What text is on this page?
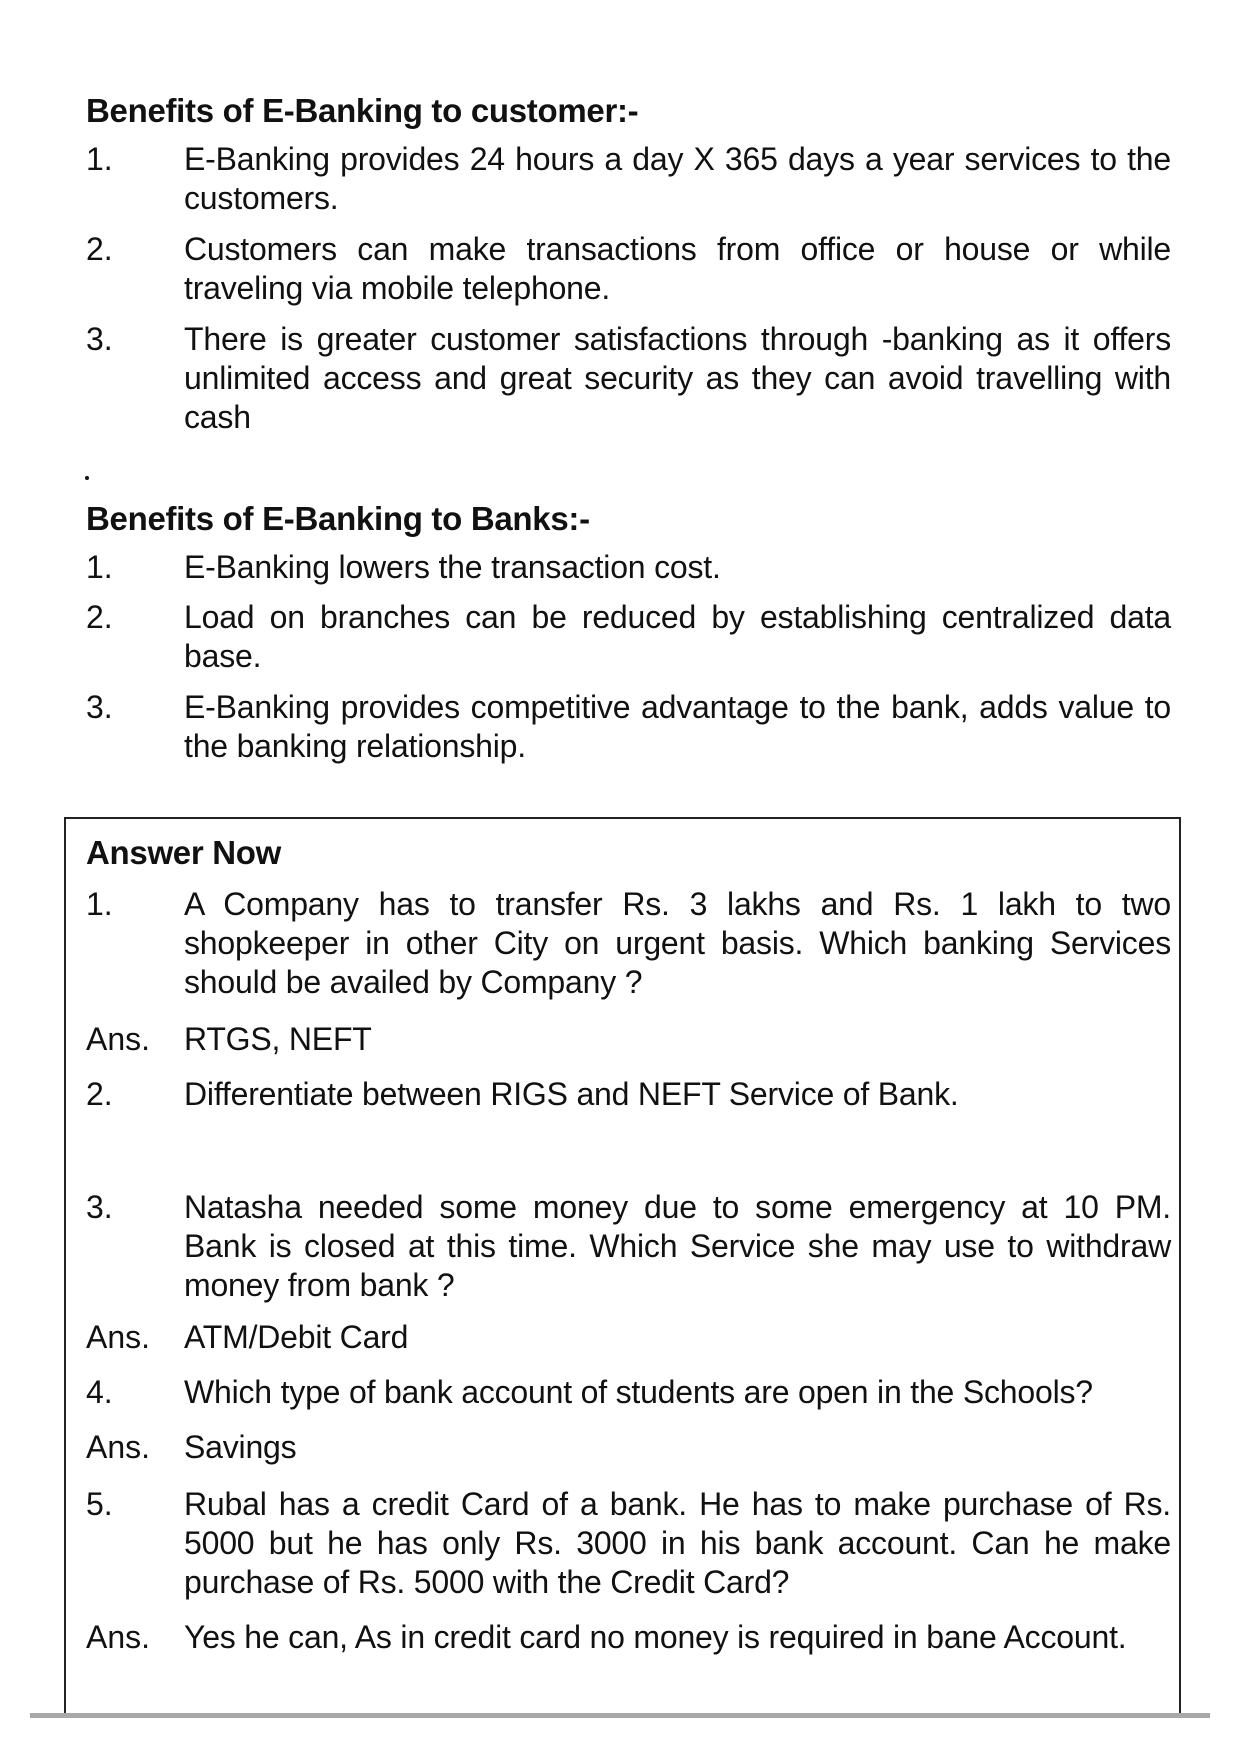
Benefits of E-Banking to customer:-
1.	E-Banking provides 24 hours a day X 365 days a year services to the customers.
2.	Customers can make transactions from office or house or while traveling via mobile telephone.
3.	There is greater customer satisfactions through -banking as it offers unlimited access and great security as they can avoid travelling with cash
Benefits of E-Banking to Banks:-
1.	E-Banking lowers the transaction cost.
2.	Load on branches can be reduced by establishing centralized data base.
3.	E-Banking provides competitive advantage to the bank, adds value to the banking relationship.
Answer Now
1.	A Company has to transfer Rs. 3 lakhs and Rs. 1 lakh to two shopkeeper in other City on urgent basis. Which banking Services should be availed by Company ?
Ans.	RTGS, NEFT
2.	Differentiate between RIGS and NEFT Service of Bank.
3.	Natasha needed some money due to some emergency at 10 PM. Bank is closed at this time. Which Service she may use to withdraw money from bank ?
Ans.	ATM/Debit Card
4.	Which type of bank account of students are open in the Schools?
Ans.	Savings
5.	Rubal has a credit Card of a bank. He has to make purchase of Rs. 5000 but he has only Rs. 3000 in his bank account. Can he make purchase of Rs. 5000 with the Credit Card?
Ans.	Yes he can, As in credit card no money is required in bane Account.
